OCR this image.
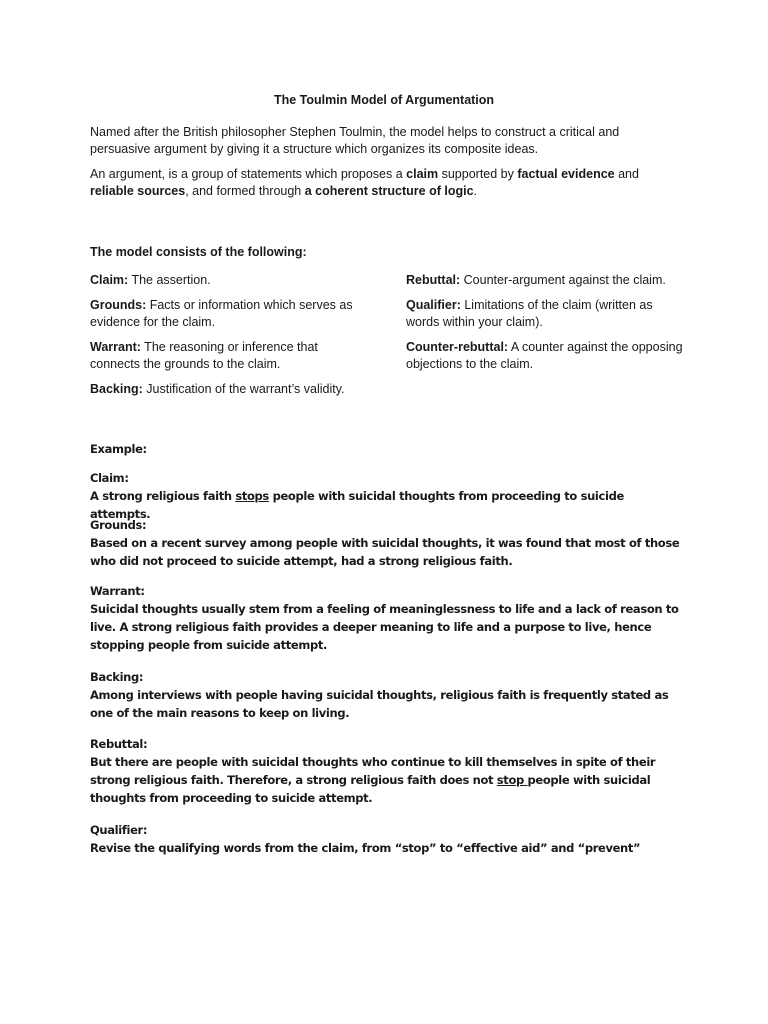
The Toulmin Model of Argumentation

Named after the British philosopher Stephen Toulmin, the model helps to construct a critical and persuasive argument by giving it a structure which organizes its composite ideas.

An argument, is a group of statements which proposes a claim supported by factual evidence and reliable sources, and formed through a coherent structure of logic.

The model consists of the following:

Claim: The assertion.

Grounds: Facts or information which serves as evidence for the claim.

Warrant: The reasoning or inference that connects the grounds to the claim.

Backing: Justification of the warrant’s validity.

Rebuttal: Counter-argument against the claim.

Qualifier: Limitations of the claim (written as words within your claim).

Counter-rebuttal: A counter against the opposing objections to the claim.

Example:
Claim:
A strong religious faith stops people with suicidal thoughts from proceeding to suicide attempts.
Grounds:
Based on a recent survey among people with suicidal thoughts, it was found that most of those who did not proceed to suicide attempt, had a strong religious faith.
Warrant:
Suicidal thoughts usually stem from a feeling of meaninglessness to life and a lack of reason to live. A strong religious faith provides a deeper meaning to life and a purpose to live, hence stopping people from suicide attempt.
Backing:
Among interviews with people having suicidal thoughts, religious faith is frequently stated as one of the main reasons to keep on living.
Rebuttal:
But there are people with suicidal thoughts who continue to kill themselves in spite of their strong religious faith. Therefore, a strong religious faith does not stop people with suicidal thoughts from proceeding to suicide attempt.
Qualifier:
Revise the qualifying words from the claim, from “stop” to “effective aid” and “prevent”
